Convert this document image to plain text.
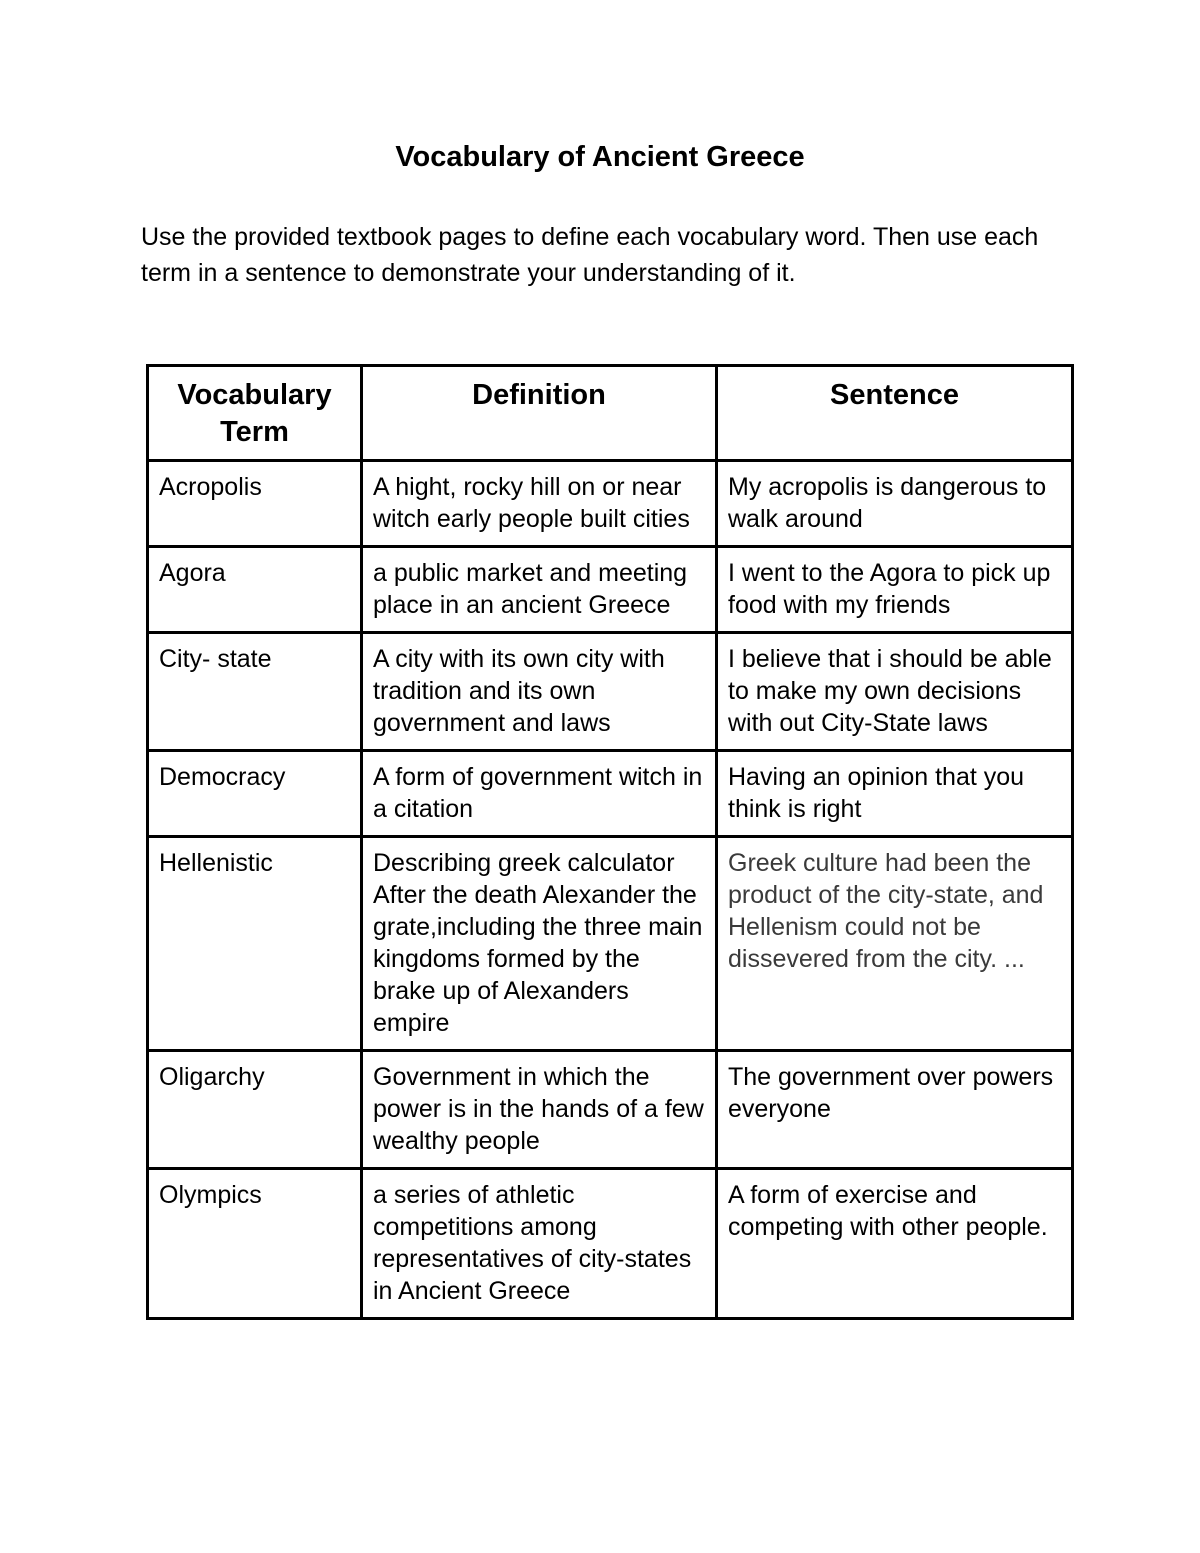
Vocabulary of Ancient Greece

Use the provided textbook pages to define each vocabulary word. Then use each term in a sentence to demonstrate your understanding of it.

Vocabulary Term	Definition	Sentence
Acropolis	A hight, rocky hill on or near witch early people built cities	My acropolis is dangerous to walk around
Agora	a public market and meeting place in an ancient Greece	I went to the Agora to pick up food with my friends
City- state	A city with its own city with tradition and its own government and laws	I believe that i should be able to make my own decisions with out City-State laws
Democracy	A form of government witch in a citation	Having an opinion that you think is right
Hellenistic	Describing greek calculator After the death Alexander the grate,including the three main kingdoms formed by the brake up of Alexanders empire	Greek culture had been the product of the city-state, and Hellenism could not be dissevered from the city. ...
Oligarchy	Government in which the power is in the hands of a few wealthy people	The government over powers everyone
Olympics	a series of athletic competitions among representatives of city-states in Ancient Greece	A form of exercise and competing with other people.
